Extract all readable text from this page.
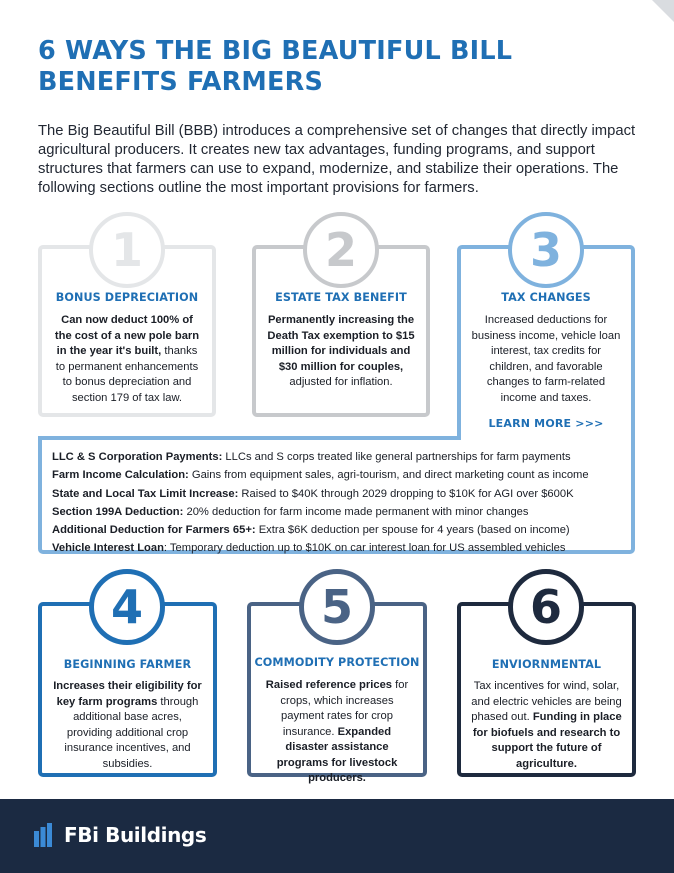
6 WAYS THE BIG BEAUTIFUL BILL
BENEFITS FARMERS
The Big Beautiful Bill (BBB) introduces a comprehensive set of changes that directly impact agricultural producers. It creates new tax advantages, funding programs, and support structures that farmers can use to expand, modernize, and stabilize their operations. The following sections outline the most important provisions for farmers.
1
BONUS DEPRECIATION
Can now deduct 100% of the cost of a new pole barn in the year it's built, thanks to permanent enhancements to bonus depreciation and section 179 of tax law.
2
ESTATE TAX BENEFIT
Permanently increasing the Death Tax exemption to $15 million for individuals and $30 million for couples, adjusted for inflation.
LLC & S Corporation Payments: LLCs and S corps treated like general partnerships for farm payments
Farm Income Calculation: Gains from equipment sales, agri-tourism, and direct marketing count as income
State and Local Tax Limit Increase: Raised to $40K through 2029 dropping to $10K for AGI over $600K
Section 199A Deduction: 20% deduction for farm income made permanent with minor changes
Additional Deduction for Farmers 65+: Extra $6K deduction per spouse for 4 years (based on income)
Vehicle Interest Loan: Temporary deduction up to $10K on car interest loan for US assembled vehicles
3
TAX CHANGES
Increased deductions for business income, vehicle loan interest, tax credits for children, and favorable changes to farm-related income and taxes.
LEARN MORE >>>
4
BEGINNING FARMER
Increases their eligibility for key farm programs through additional base acres, providing additional crop insurance incentives, and subsidies.
5
COMMODITY PROTECTION
Raised reference prices for crops, which increases payment rates for crop insurance. Expanded disaster assistance programs for livestock producers.
6
ENVIORNMENTAL
Tax incentives for wind, solar, and electric vehicles are being phased out. Funding in place for biofuels and research to support the future of agriculture.
FBi Buildings
